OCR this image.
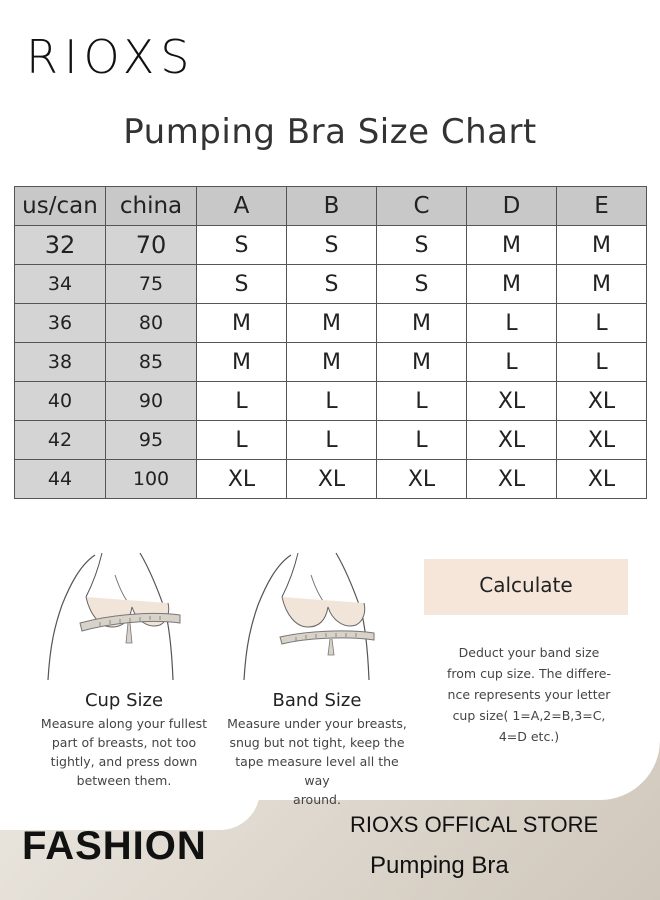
RIOXS
Pumping Bra Size Chart
us/can	china	A	B	C	D	E
32	70	S	S	S	M	M
34	75	S	S	S	M	M
36	80	M	M	M	L	L
38	85	M	M	M	L	L
40	90	L	L	L	XL	XL
42	95	L	L	L	XL	XL
44	100	XL	XL	XL	XL	XL
Cup Size
Measure along your fullest
part of breasts, not too
tightly, and press down
between them.
Band Size
Measure under your breasts,
snug but not tight, keep the
tape measure level all the way
around.
Calculate
Deduct your band size
from cup size. The differe-
nce represents your letter
cup size( 1=A,2=B,3=C,
4=D etc.)
FASHION	RIOXS OFFICAL STORE
Pumping Bra
